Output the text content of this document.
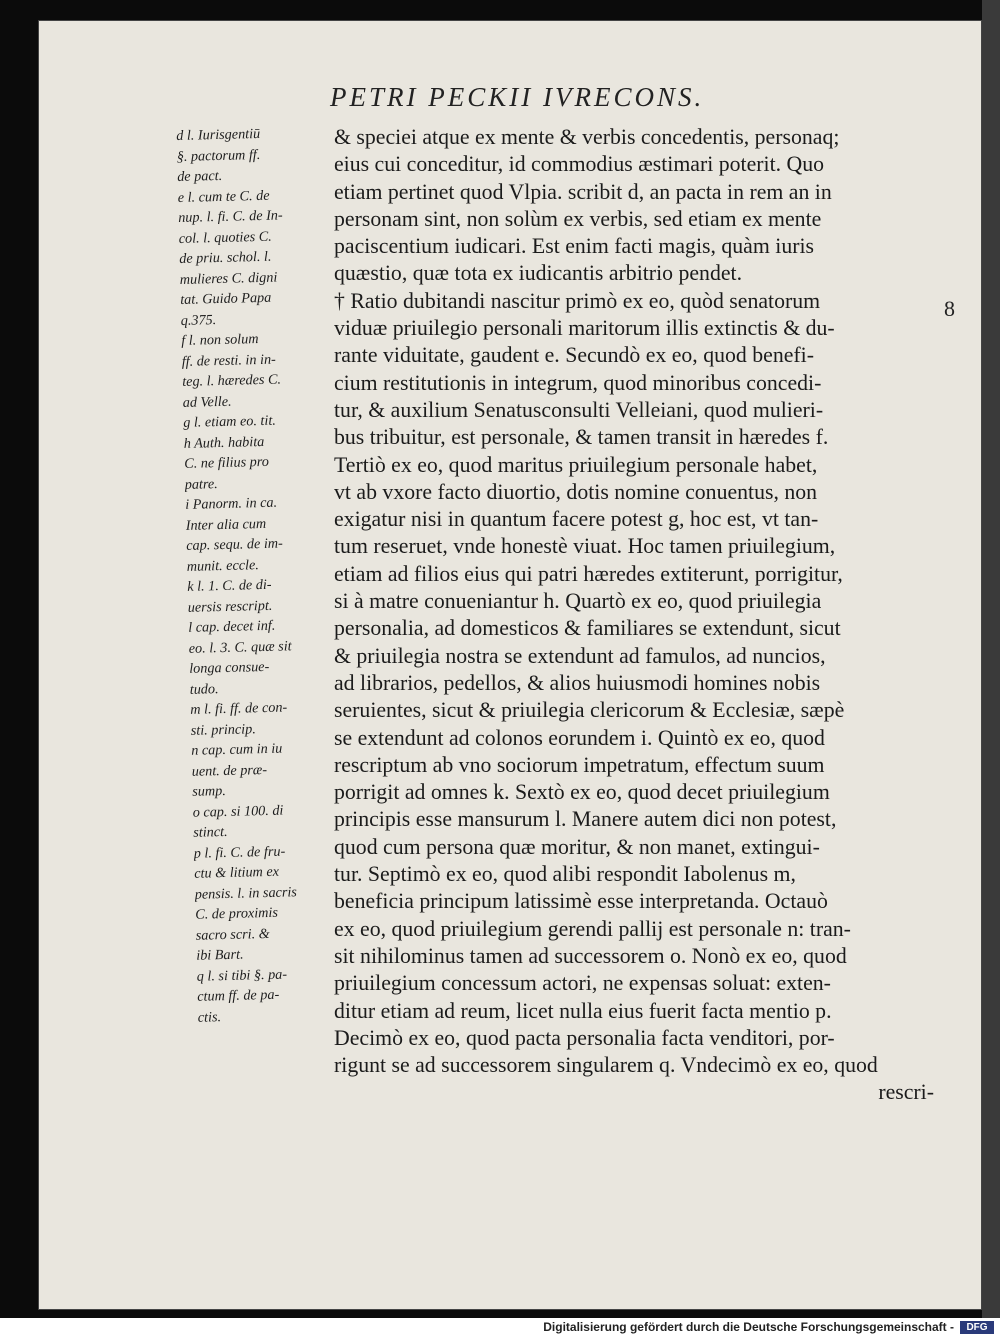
PETRI PECKII IVRECONS.
8
d l. Iurisgentiū
§. pactorum ff.
de pact.
e l. cum te C. de
nup. l. fi. C. de In-
col. l. quoties C.
de priu. schol. l.
mulieres C. digni
tat. Guido Papa
q.375.
f l. non solum
ff. de resti. in in-
teg. l. hæredes C.
ad Velle.
g l. etiam eo. tit.
h Auth. habita
C. ne filius pro
patre.
i Panorm. in ca.
Inter alia cum
cap. sequ. de im-
munit. eccle.
k l. 1. C. de di-
uersis rescript.
l cap. decet inf.
eo. l. 3. C. quæ sit
longa consue-
tudo.
m l. fi. ff. de con-
sti. princip.
n cap. cum in iu
uent. de præ-
sump.
o cap. si 100. di
stinct.
p l. fi. C. de fru-
ctu & litium ex
pensis. l. in sacris
C. de proximis
sacro scri. &
ibi Bart.
q l. si tibi §. pa-
ctum ff. de pa-
ctis.
& speciei atque ex mente & verbis concedentis, personaq;
eius cui conceditur, id commodius æstimari poterit. Quo
etiam pertinet quod Vlpia. scribit d, an pacta in rem an in
personam sint, non solùm ex verbis, sed etiam ex mente
paciscentium iudicari. Est enim facti magis, quàm iuris
quæstio, quæ tota ex iudicantis arbitrio pendet.
† Ratio dubitandi nascitur primò ex eo, quòd senatorum
viduæ priuilegio personali maritorum illis extinctis & du-
rante viduitate, gaudent e. Secundò ex eo, quod benefi-
cium restitutionis in integrum, quod minoribus concedi-
tur, & auxilium Senatusconsulti Velleiani, quod mulieri-
bus tribuitur, est personale, & tamen transit in hæredes f.
Tertiò ex eo, quod maritus priuilegium personale habet,
vt ab vxore facto diuortio, dotis nomine conuentus, non
exigatur nisi in quantum facere potest g, hoc est, vt tan-
tum reseruet, vnde honestè viuat. Hoc tamen priuilegium,
etiam ad filios eius qui patri hæredes extiterunt, porrigitur,
si à matre conueniantur h. Quartò ex eo, quod priuilegia
personalia, ad domesticos & familiares se extendunt, sicut
& priuilegia nostra se extendunt ad famulos, ad nuncios,
ad librarios, pedellos, & alios huiusmodi homines nobis
seruientes, sicut & priuilegia clericorum & Ecclesiæ, sæpè
se extendunt ad colonos eorundem i. Quintò ex eo, quod
rescriptum ab vno sociorum impetratum, effectum suum
porrigit ad omnes k. Sextò ex eo, quod decet priuilegium
principis esse mansurum l. Manere autem dici non potest,
quod cum persona quæ moritur, & non manet, extingui-
tur. Septimò ex eo, quod alibi respondit Iabolenus m,
beneficia principum latissimè esse interpretanda. Octauò
ex eo, quod priuilegium gerendi pallij est personale n: tran-
sit nihilominus tamen ad successorem o. Nonò ex eo, quod
priuilegium concessum actori, ne expensas soluat: exten-
ditur etiam ad reum, licet nulla eius fuerit facta mentio p.
Decimò ex eo, quod pacta personalia facta venditori, por-
rigunt se ad successorem singularem q. Vndecimò ex eo, quod
rescri-
Digitalisierung gefördert durch die Deutsche Forschungsgemeinschaft -	DFG
